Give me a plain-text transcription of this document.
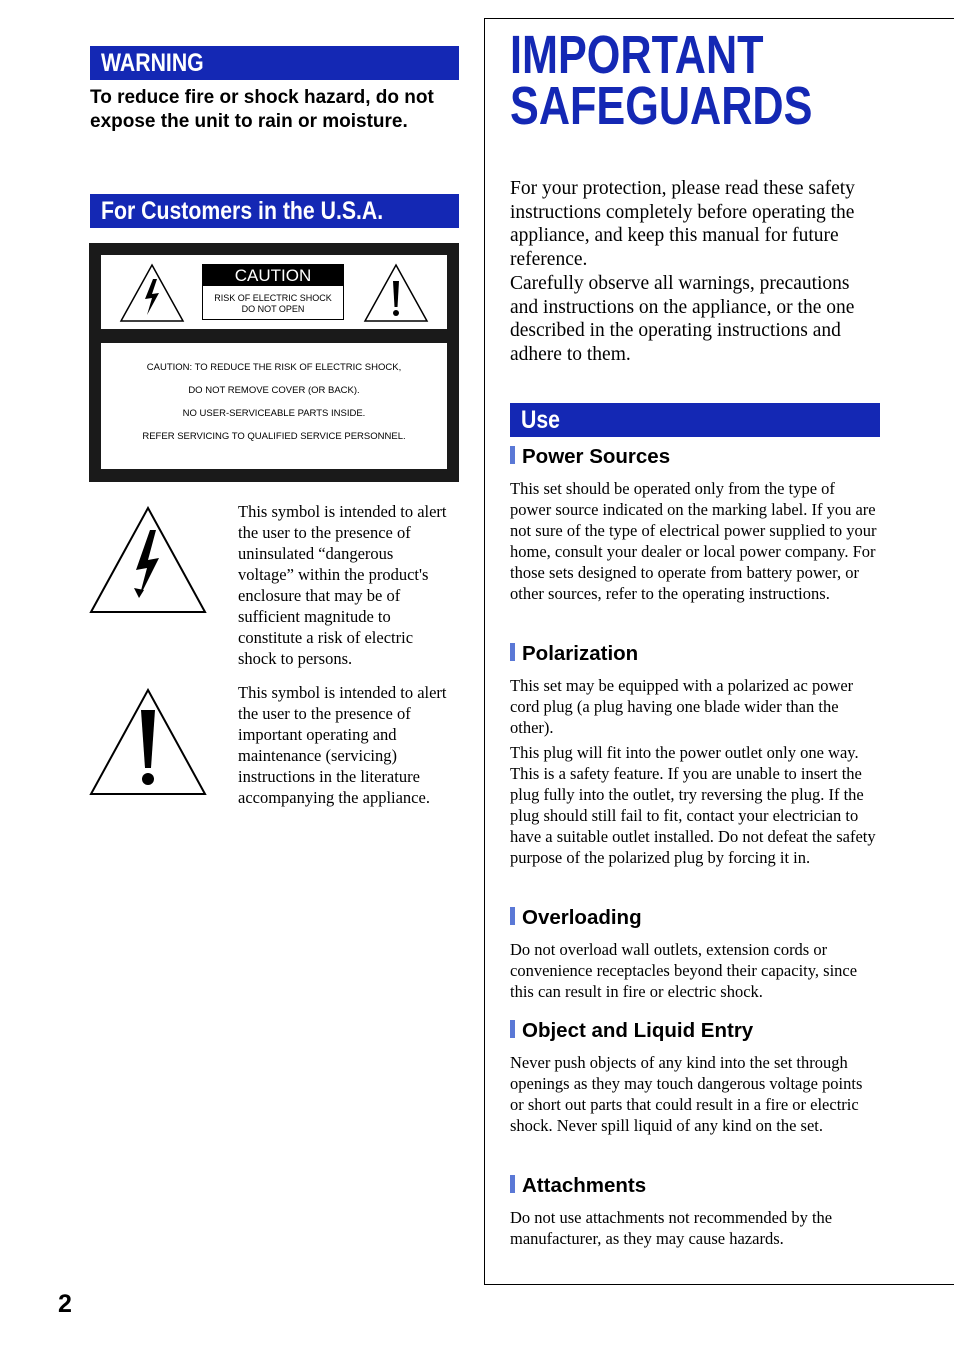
WARNING
To reduce fire or shock hazard, do not expose the unit to rain or moisture.
For Customers in the U.S.A.
CAUTION
RISK OF ELECTRIC SHOCK
DO NOT OPEN
CAUTION: TO REDUCE THE RISK OF ELECTRIC SHOCK,
DO NOT REMOVE COVER (OR BACK).
NO USER-SERVICEABLE PARTS INSIDE.
REFER SERVICING TO QUALIFIED SERVICE PERSONNEL.

This symbol is intended to alert the user to the presence of uninsulated “dangerous voltage” within the product's enclosure that may be of sufficient magnitude to constitute a risk of electric shock to persons.

This symbol is intended to alert the user to the presence of important operating and maintenance (servicing) instructions in the literature accompanying the appliance.

2
IMPORTANT
SAFEGUARDS

For your protection, please read these safety instructions completely before operating the appliance, and keep this manual for future reference.

Carefully observe all warnings, precautions and instructions on the appliance, or the one described in the operating instructions and adhere to them.

Use
Power Sources

This set should be operated only from the type of power source indicated on the marking label. If you are not sure of the type of electrical power supplied to your home, consult your dealer or local power company. For those sets designed to operate from battery power, or other sources, refer to the operating instructions.

Polarization

This set may be equipped with a polarized ac power cord plug (a plug having one blade wider than the other).

This plug will fit into the power outlet only one way. This is a safety feature. If you are unable to insert the plug fully into the outlet, try reversing the plug. If the plug should still fail to fit, contact your electrician to have a suitable outlet installed. Do not defeat the safety purpose of the polarized plug by forcing it in.

Overloading

Do not overload wall outlets, extension cords or convenience receptacles beyond their capacity, since this can result in fire or electric shock.

Object and Liquid Entry

Never push objects of any kind into the set through openings as they may touch dangerous voltage points or short out parts that could result in a fire or electric shock. Never spill liquid of any kind on the set.

Attachments

Do not use attachments not recommended by the manufacturer, as they may cause hazards.
